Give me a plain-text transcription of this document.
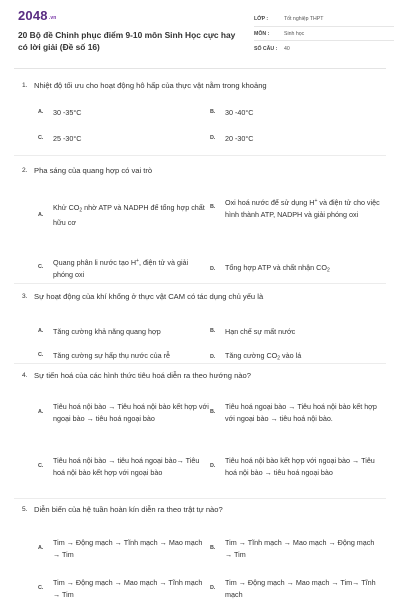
$2048^{.vn}$
20 Bộ đề Chinh phục điểm 9-10 môn Sinh Học cực hay có lời giải (Đề số 16)
LỚP :	Tốt nghiệp THPT
MÔN :	Sinh học
SỐ CÂU :	40
1. Nhiệt độ tối ưu cho hoạt động hô hấp của thực vật nằm trong khoảng
A.	30 -35°C	B.	30 -40°C
C.	25 -30°C	D.	20 -30°C
2. Pha sáng của quang hợp có vai trò
A.
Khử $CO_2$ nhờ ATP và NADPH để tổng hợp chất hữu cơ
B.
Oxi hoá nước để sử dụng H+ và điện tử cho việc hình thành ATP, NADPH và giải phóng oxi
C.
Quang phân li nước tạo H+, điện tử và giải phóng oxi
D.	Tổng hợp ATP và chất nhận $CO_2$
3. Sự hoạt động của khí khổng ở thực vật CAM có tác dụng chủ yếu là
A.	Tăng cường khả năng quang hợp	B.	Hạn chế sự mất nước
C.	Tăng cường sự hấp thụ nước của rễ	D.	Tăng cường $CO_2$ vào lá
4. Sự tiến hoá của các hình thức tiêu hoá diễn ra theo hướng nào?
A.
Tiêu hoá nội bào → Tiêu hoá nội bào kết hợp với ngoại bào → tiêu hoá ngoại bào
B.
Tiêu hoá ngoại bào → Tiêu hoá nội bào kết hợp với ngoại bào → tiêu hoá nội bào.
C.
Tiêu hoá nội bào → tiêu hoá ngoại bào→ Tiêu hoá nội bào kết hợp với ngoại bào
D.
Tiêu hoá nội bào kết hợp với ngoại bào → Tiêu hoá nội bào → tiêu hoá ngoại bào
5. Diễn biến của hệ tuần hoàn kín diễn ra theo trật tự nào?
A.
Tim → Động mạch → Tĩnh mạch → Mao mạch → Tim
B.
Tim → Tĩnh mạch → Mao mạch → Động mạch → Tim
C.
Tim → Động mạch → Mao mạch → Tĩnh mạch → Tim
D.
Tim → Động mạch → Mao mạch → Tim→ Tĩnh mạch
